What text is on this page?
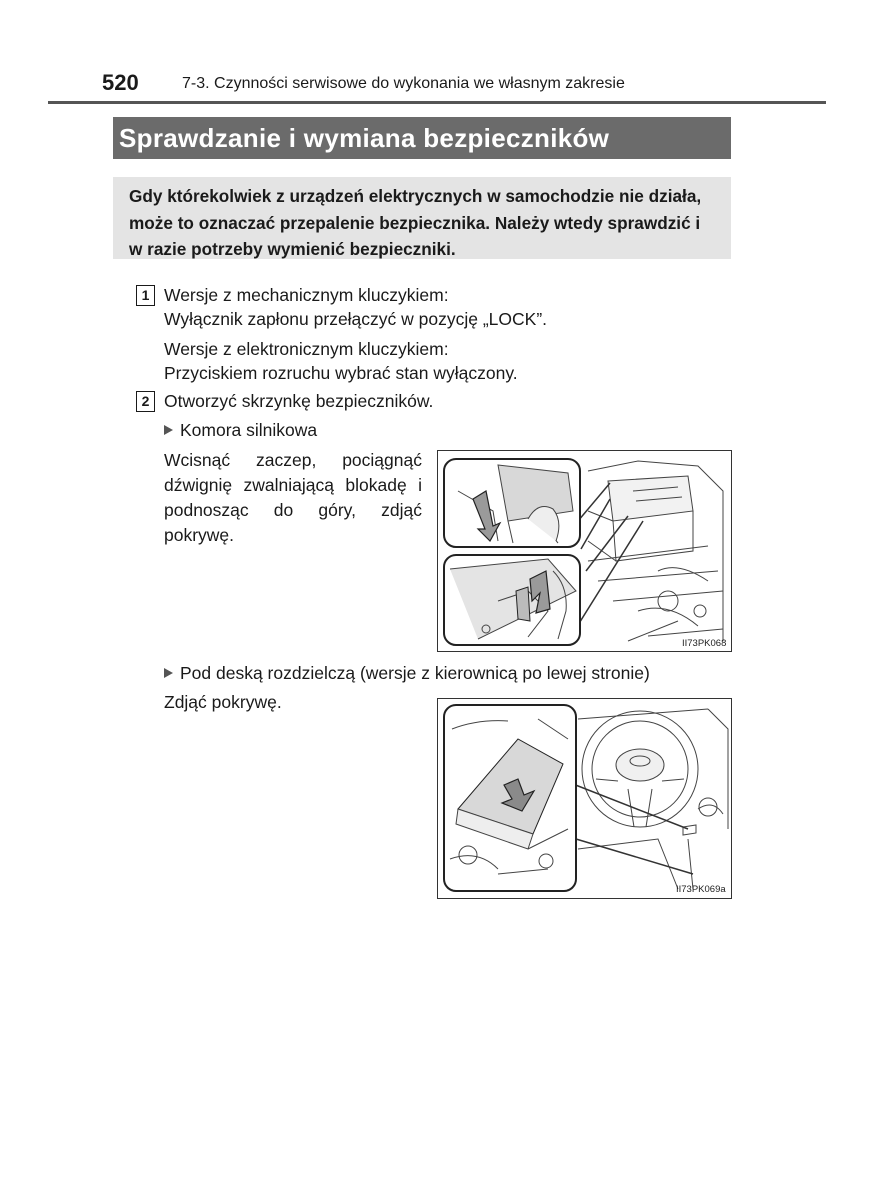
520	7-3. Czynności serwisowe do wykonania we własnym zakresie
Sprawdzanie i wymiana bezpieczników

Gdy którekolwiek z urządzeń elektrycznych w samochodzie nie działa, może to oznaczać przepalenie bezpiecznika. Należy wtedy sprawdzić i w razie potrzeby wymienić bezpieczniki.

1 Wersje z mechanicznym kluczykiem:
Wyłącznik zapłonu przełączyć w pozycję „LOCK”.
Wersje z elektronicznym kluczykiem:
Przyciskiem rozruchu wybrać stan wyłączony.
2 Otworzyć skrzynkę bezpieczników.
Komora silnikowa
Wcisnąć zaczep, pociągnąć dźwignię zwalniającą blokadę i podnosząc do góry, zdjąć pokrywę.
II73PK068
Pod deską rozdzielczą (wersje z kierownicą po lewej stronie)
Zdjąć pokrywę.
II73PK069a
